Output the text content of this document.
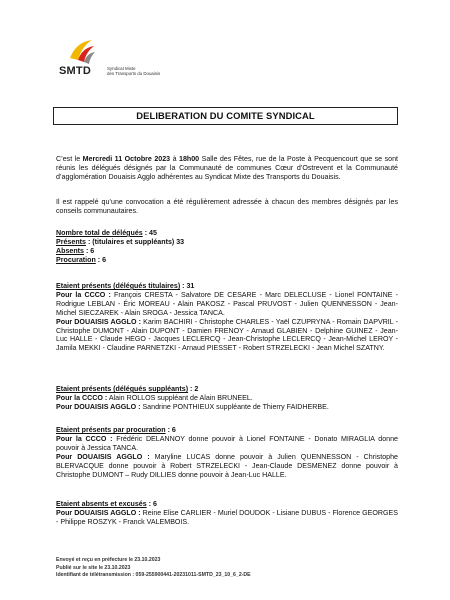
SMTD	Syndicat Mixte
des Transports du Douaisis
DELIBERATION DU COMITE SYNDICAL

C’est le Mercredi 11 Octobre 2023 à 18h00 Salle des Fêtes, rue de la Poste à Pecquencourt que se sont réunis les délégués désignés par la Communauté de communes Cœur d’Ostrevent et la Communauté d’agglomération Douaisis Agglo adhérentes au Syndicat Mixte des Transports du Douaisis.

Il est rappelé qu’une convocation a été régulièrement adressée à chacun des membres désignés par les conseils communautaires.

Nombre total de délégués : 45
Présents : (titulaires et suppléants) 33
Absents : 6
Procuration : 6
Etaient présents (délégués titulaires) : 31

Pour la CCCO : François CRESTA - Salvatore DE CESARE - Marc DELECLUSE - Lionel FONTAINE - Rodrigue LEBLAN - Éric MOREAU - Alain PAKOSZ - Pascal PRUVOST - Julien QUENNESSON - Jean-Michel SIECZAREK - Alain SROGA - Jessica TANCA.

Pour DOUAISIS AGGLO : Karim BACHIRI - Christophe CHARLES - Yaël CZUPRYNA - Romain DAPVRIL - Christophe DUMONT - Alain DUPONT - Damien FRENOY - Arnaud GLABIEN - Delphine GUINEZ - Jean-Luc HALLE - Claude HEGO - Jacques LECLERCQ - Jean-Christophe LECLERCQ - Jean-Michel LEROY - Jamila MEKKI - Claudine PARNETZKI - Arnaud PIESSET - Robert STRZELECKI - Jean Michel SZATNY.

Etaient présents (délégués suppléants) : 2

Pour la CCCO : Alain ROLLOS suppléant de Alain BRUNEEL.

Pour DOUAISIS AGGLO : Sandrine PONTHIEUX suppléante de Thierry FAIDHERBE.

Etaient présents par procuration : 6

Pour la CCCO : Frédéric DELANNOY donne pouvoir à Lionel FONTAINE - Donato MIRAGLIA donne pouvoir à Jessica TANCA.

Pour DOUAISIS AGGLO : Maryline LUCAS donne pouvoir à Julien QUENNESSON - Christophe BLERVACQUE donne pouvoir à Robert STRZELECKI - Jean-Claude DESMENEZ donne pouvoir à Christophe DUMONT – Rudy DILLIES donne pouvoir à Jean-Luc HALLE.

Etaient absents et excusés : 6

Pour DOUAISIS AGGLO : Reine Elise CARLIER - Muriel DOUDOK - Lisiane DUBUS - Florence GEORGES - Philippe ROSZYK - Franck VALEMBOIS.

Envoyé et reçu en préfecture le 23.10.2023
Publié sur le site le 23.10.2023
Identifiant de télétransmission : 059-255900441-20231011-SMTD_23_10_6_2-DE
